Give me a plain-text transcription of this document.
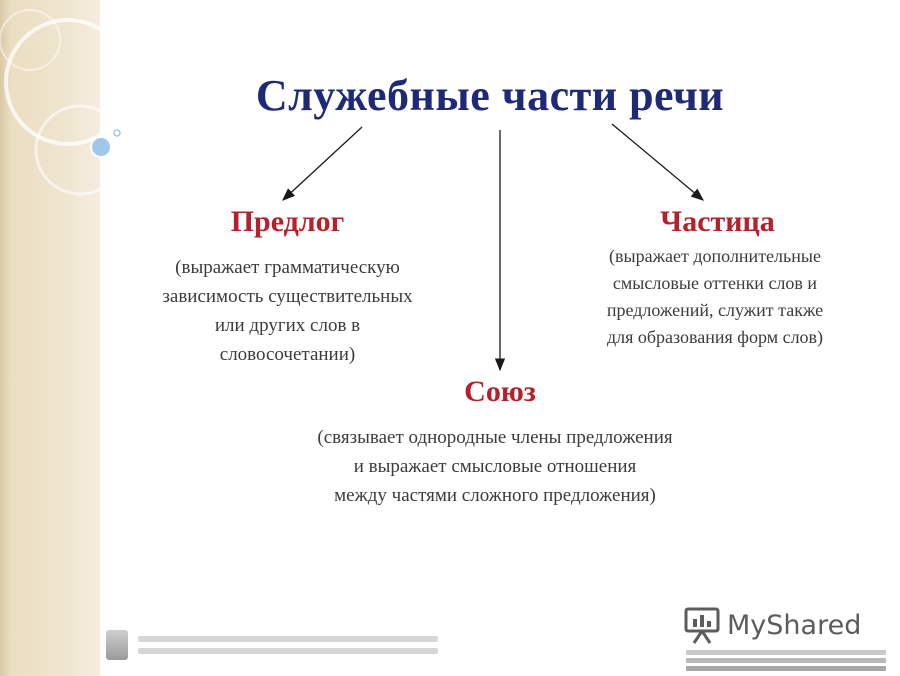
Служебные части речи
Предлог
(выражает грамматическую
зависимость существительных
или других слов в
словосочетании)
Частица
(выражает дополнительные
смысловые оттенки слов и
предложений, служит также
для образования форм слов)
Союз
(связывает однородные члены предложения
и выражает смысловые отношения
между частями сложного предложения)
MyShared
